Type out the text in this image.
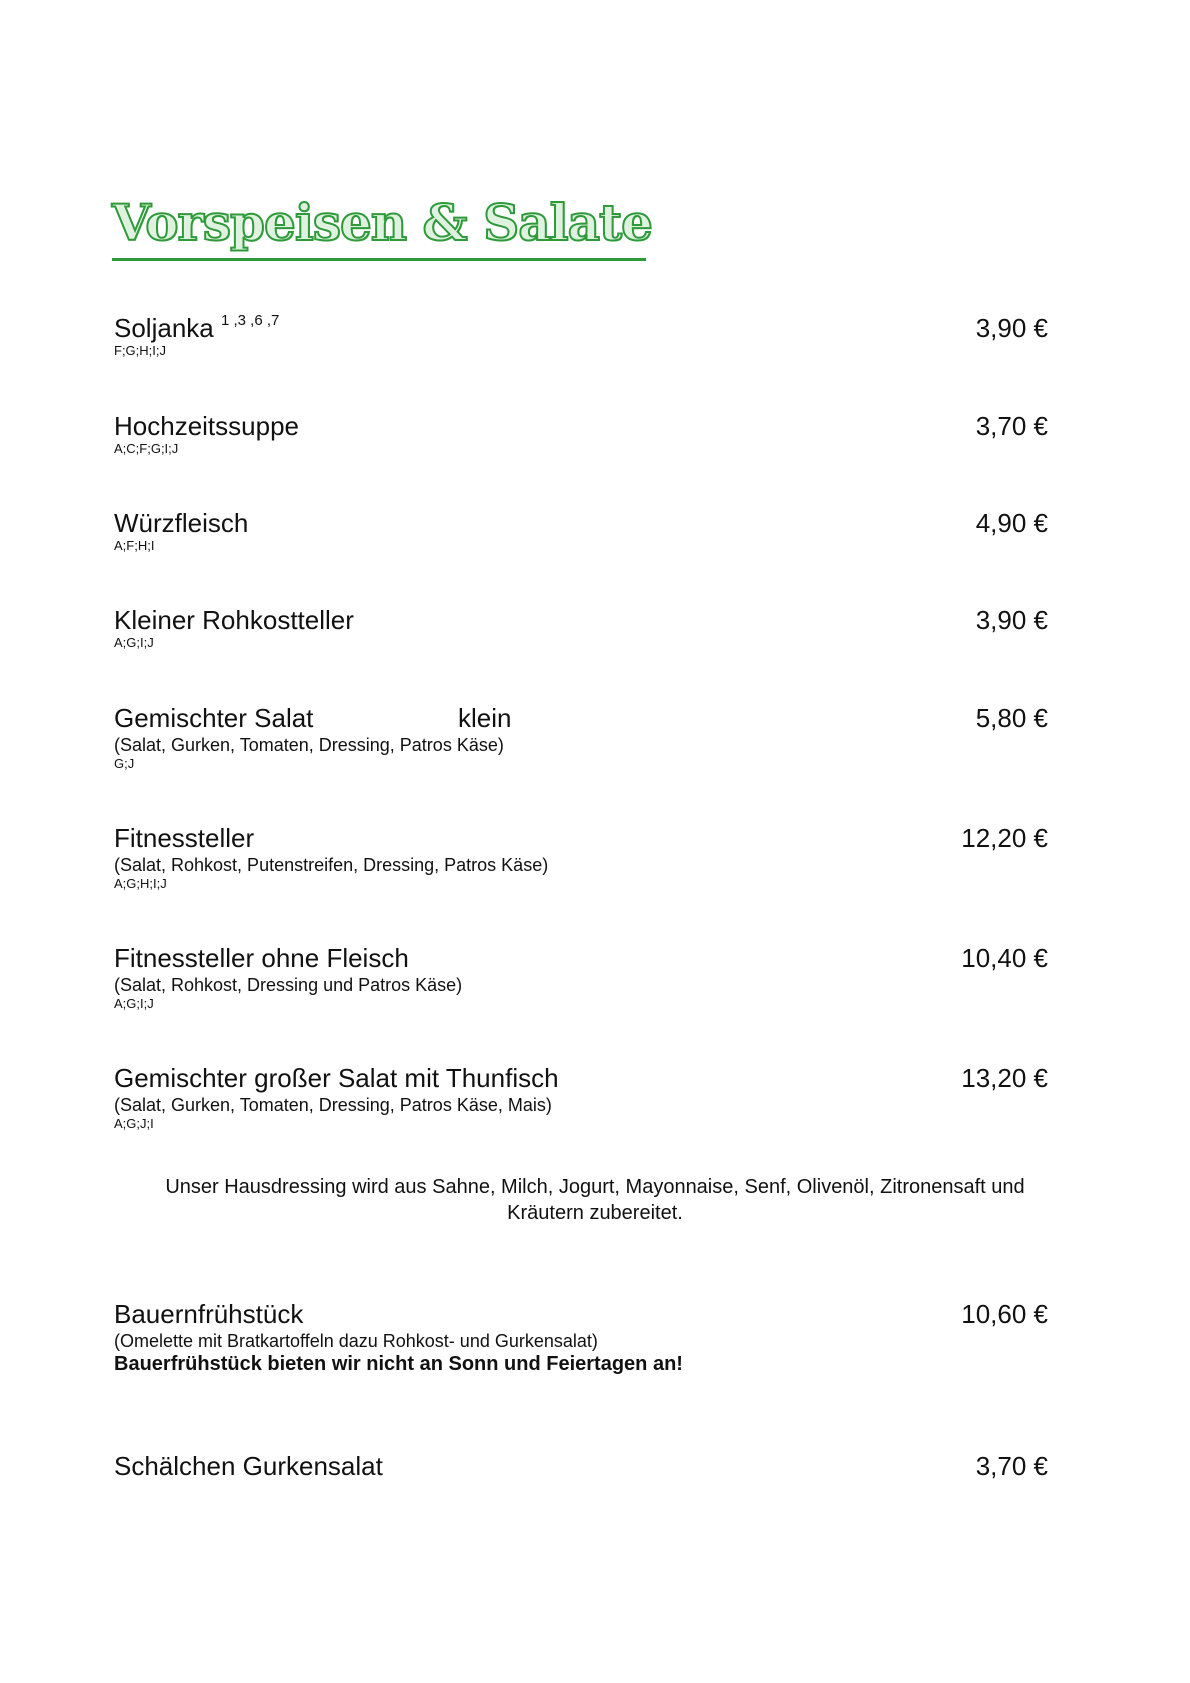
Vorspeisen & Salate
Soljanka $^{1 ,3 ,6 ,7}$	3,90 €
F;G;H;I;J
Hochzeitssuppe	3,70 €
A;C;F;G;I;J
Würzfleisch	4,90 €
A;F;H;I
Kleiner Rohkostteller	3,90 €
A;G;I;J
Gemischter Salat	klein	5,80 €
(Salat, Gurken, Tomaten, Dressing, Patros Käse)
G;J
Fitnessteller	12,20 €
(Salat, Rohkost, Putenstreifen, Dressing, Patros Käse)
A;G;H;I;J
Fitnessteller ohne Fleisch	10,40 €
(Salat, Rohkost, Dressing und Patros Käse)
A;G;I;J
Gemischter großer Salat mit Thunfisch	13,20 €
(Salat, Gurken, Tomaten, Dressing, Patros Käse, Mais)
A;G;J;I
Unser Hausdressing wird aus Sahne, Milch, Jogurt, Mayonnaise, Senf, Olivenöl, Zitronensaft und
Kräutern zubereitet.
Bauernfrühstück	10,60 €
(Omelette mit Bratkartoffeln dazu Rohkost- und Gurkensalat)
Bauerfrühstück bieten wir nicht an Sonn und Feiertagen an!
Schälchen Gurkensalat	3,70 €
